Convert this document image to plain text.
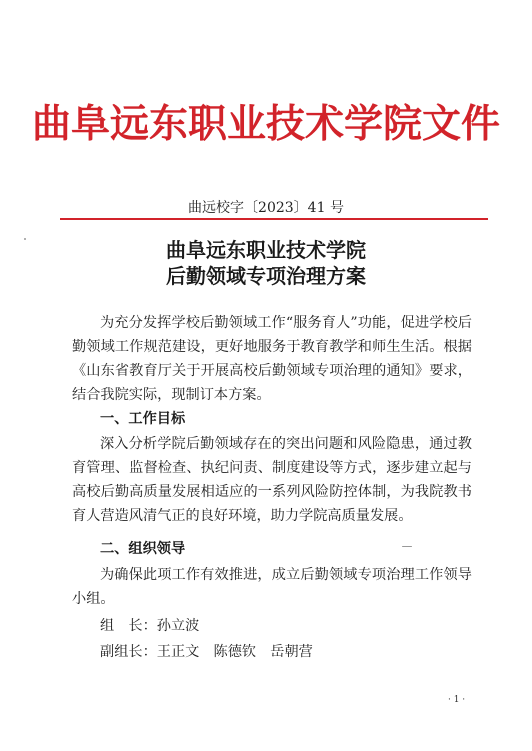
曲阜远东职业技术学院文件
曲远校字〔2023〕41 号
曲阜远东职业技术学院
后勤领域专项治理方案
为充分发挥学校后勤领域工作“服务育人”功能，促进学校后勤领域工作规范建设，更好地服务于教育教学和师生生活。根据《山东省教育厅关于开展高校后勤领域专项治理的通知》要求，结合我院实际，现制订本方案。
一、工作目标
深入分析学院后勤领域存在的突出问题和风险隐患，通过教育管理、监督检查、执纪问责、制度建设等方式，逐步建立起与高校后勤高质量发展相适应的一系列风险防控体制，为我院教书育人营造风清气正的良好环境，助力学院高质量发展。
二、组织领导
为确保此项工作有效推进，成立后勤领域专项治理工作领导小组。
组　长：孙立波
副组长：王正文　陈德钦　岳朝营
· 1 ·
